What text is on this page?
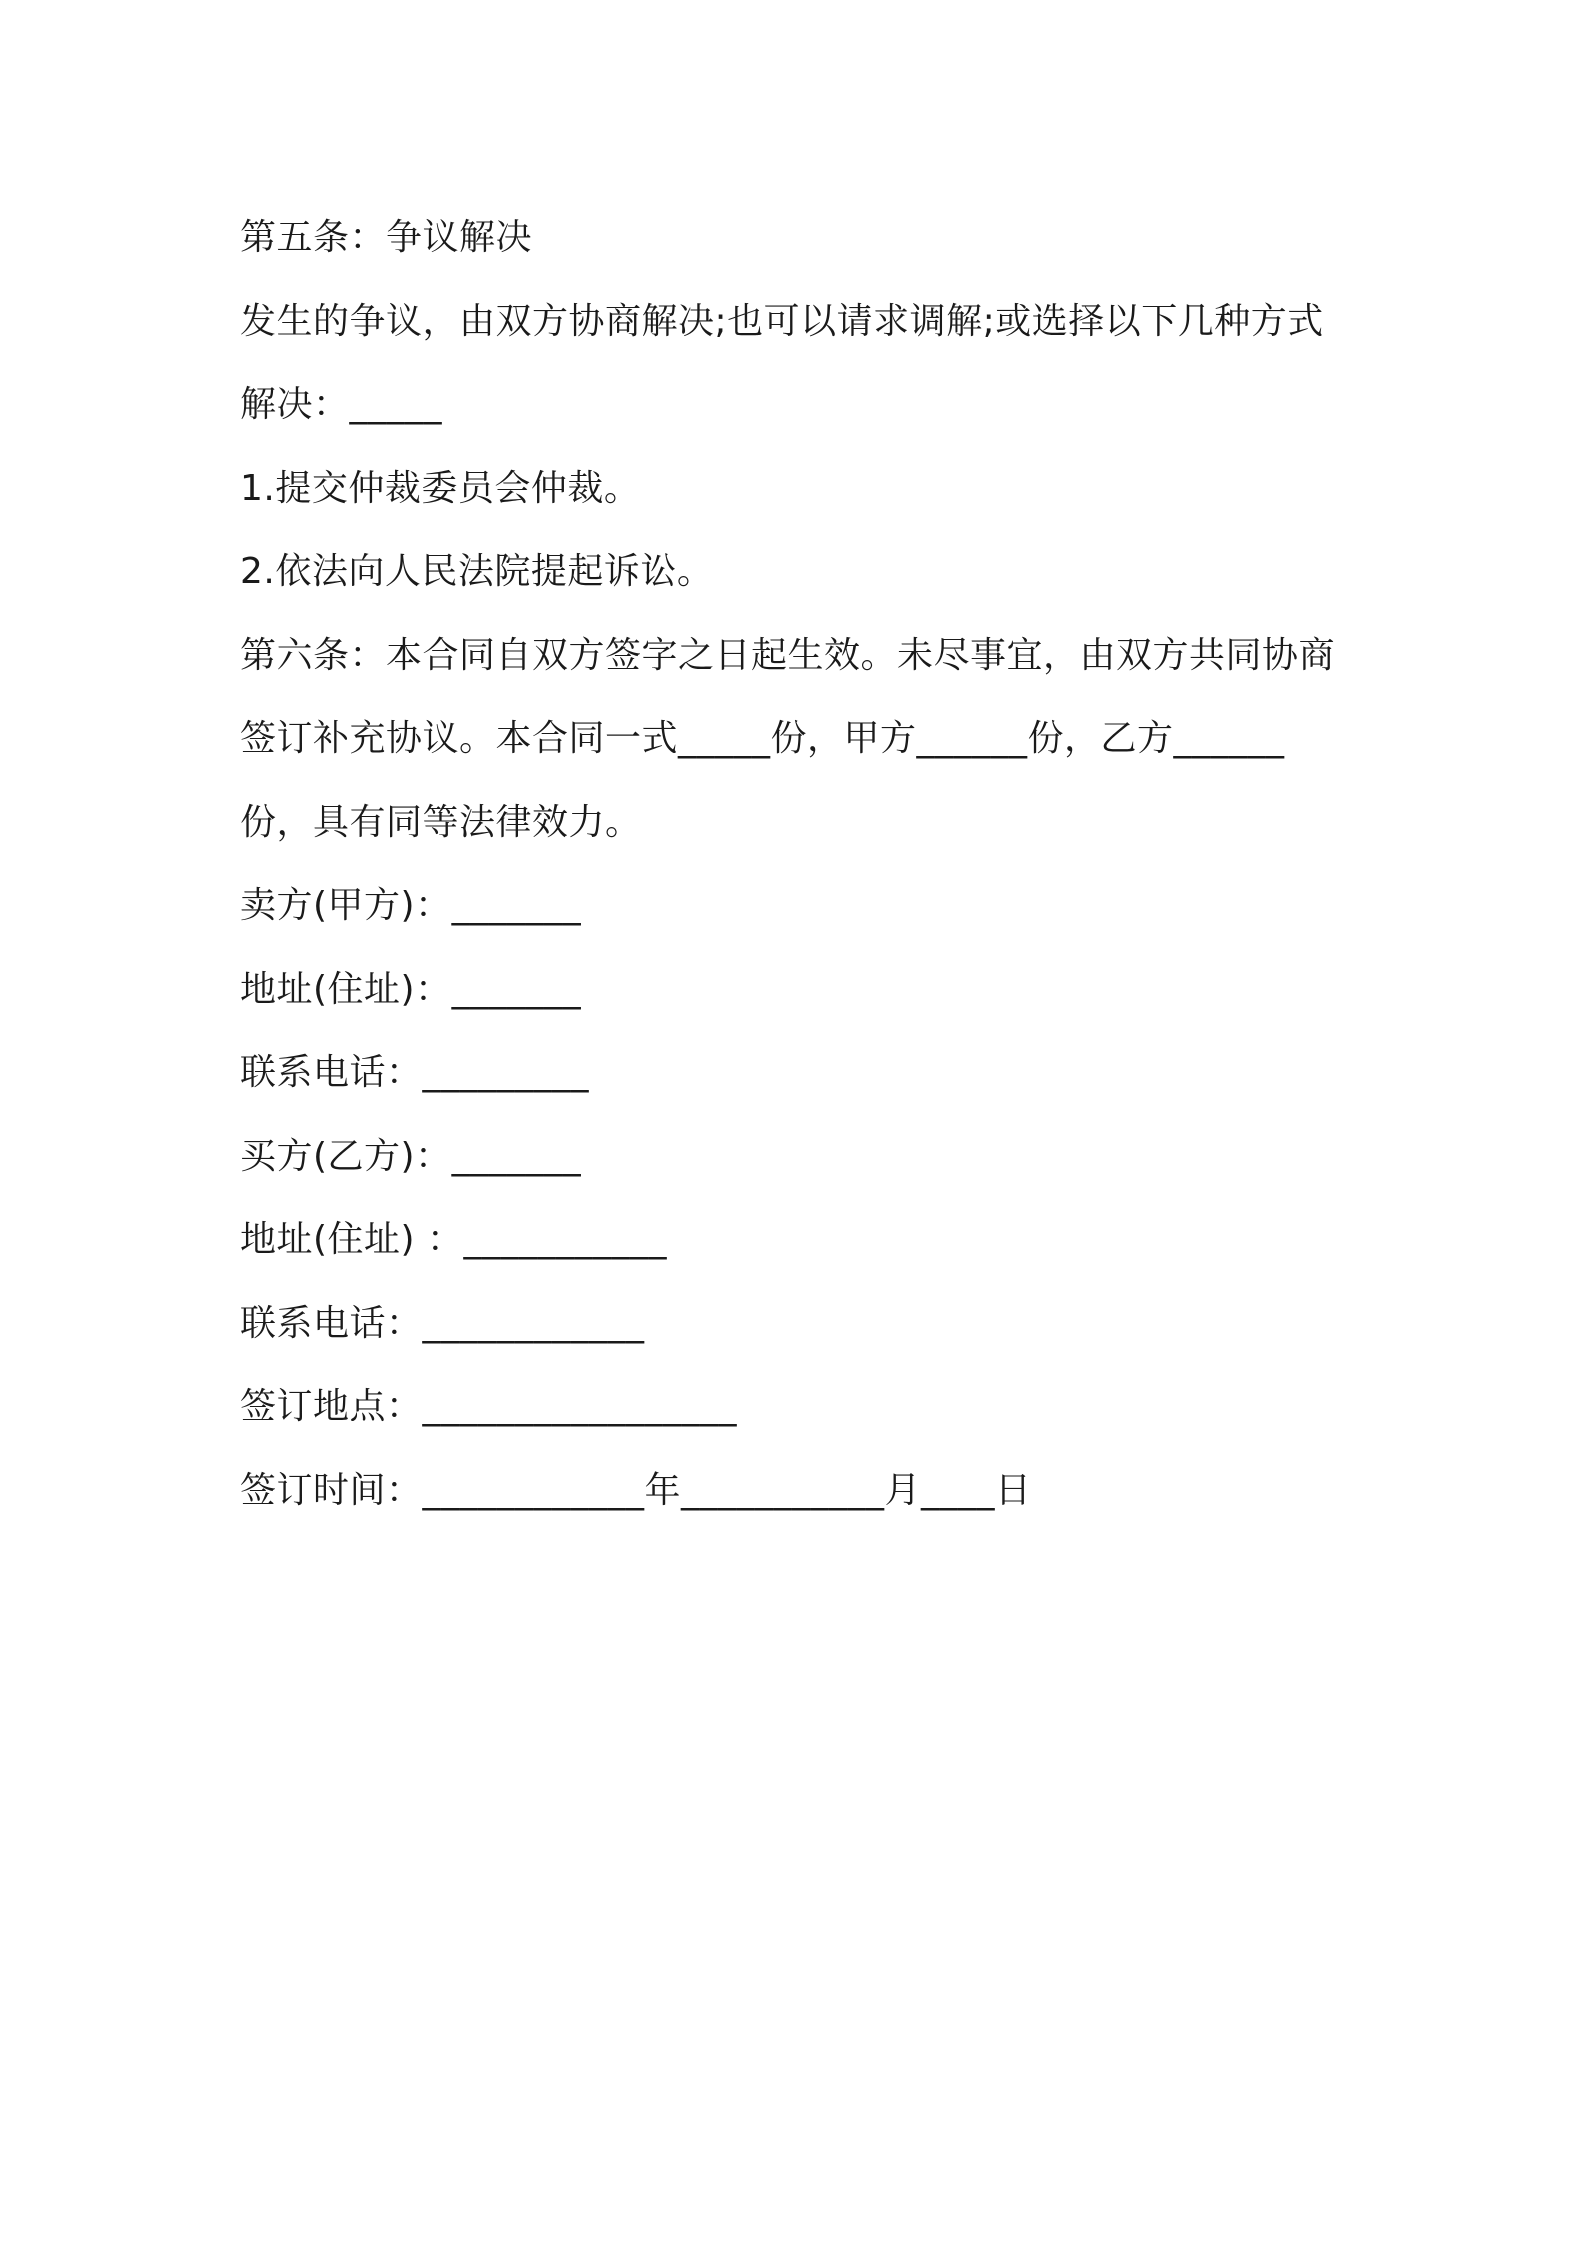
第五条：争议解决
发生的争议，由双方协商解决;也可以请求调解;或选择以下几种方式
解决：_____
1.提交仲裁委员会仲裁。
2.依法向人民法院提起诉讼。
第六条：本合同自双方签字之日起生效。未尽事宜，由双方共同协商
签订补充协议。本合同一式_____份，甲方______份，乙方______
份，具有同等法律效力。
卖方(甲方)：_______
地址(住址)：_______
联系电话：_________
买方(乙方)：_______
地址(住址) ：___________
联系电话：____________
签订地点：_________________
签订时间：____________年___________月____日
